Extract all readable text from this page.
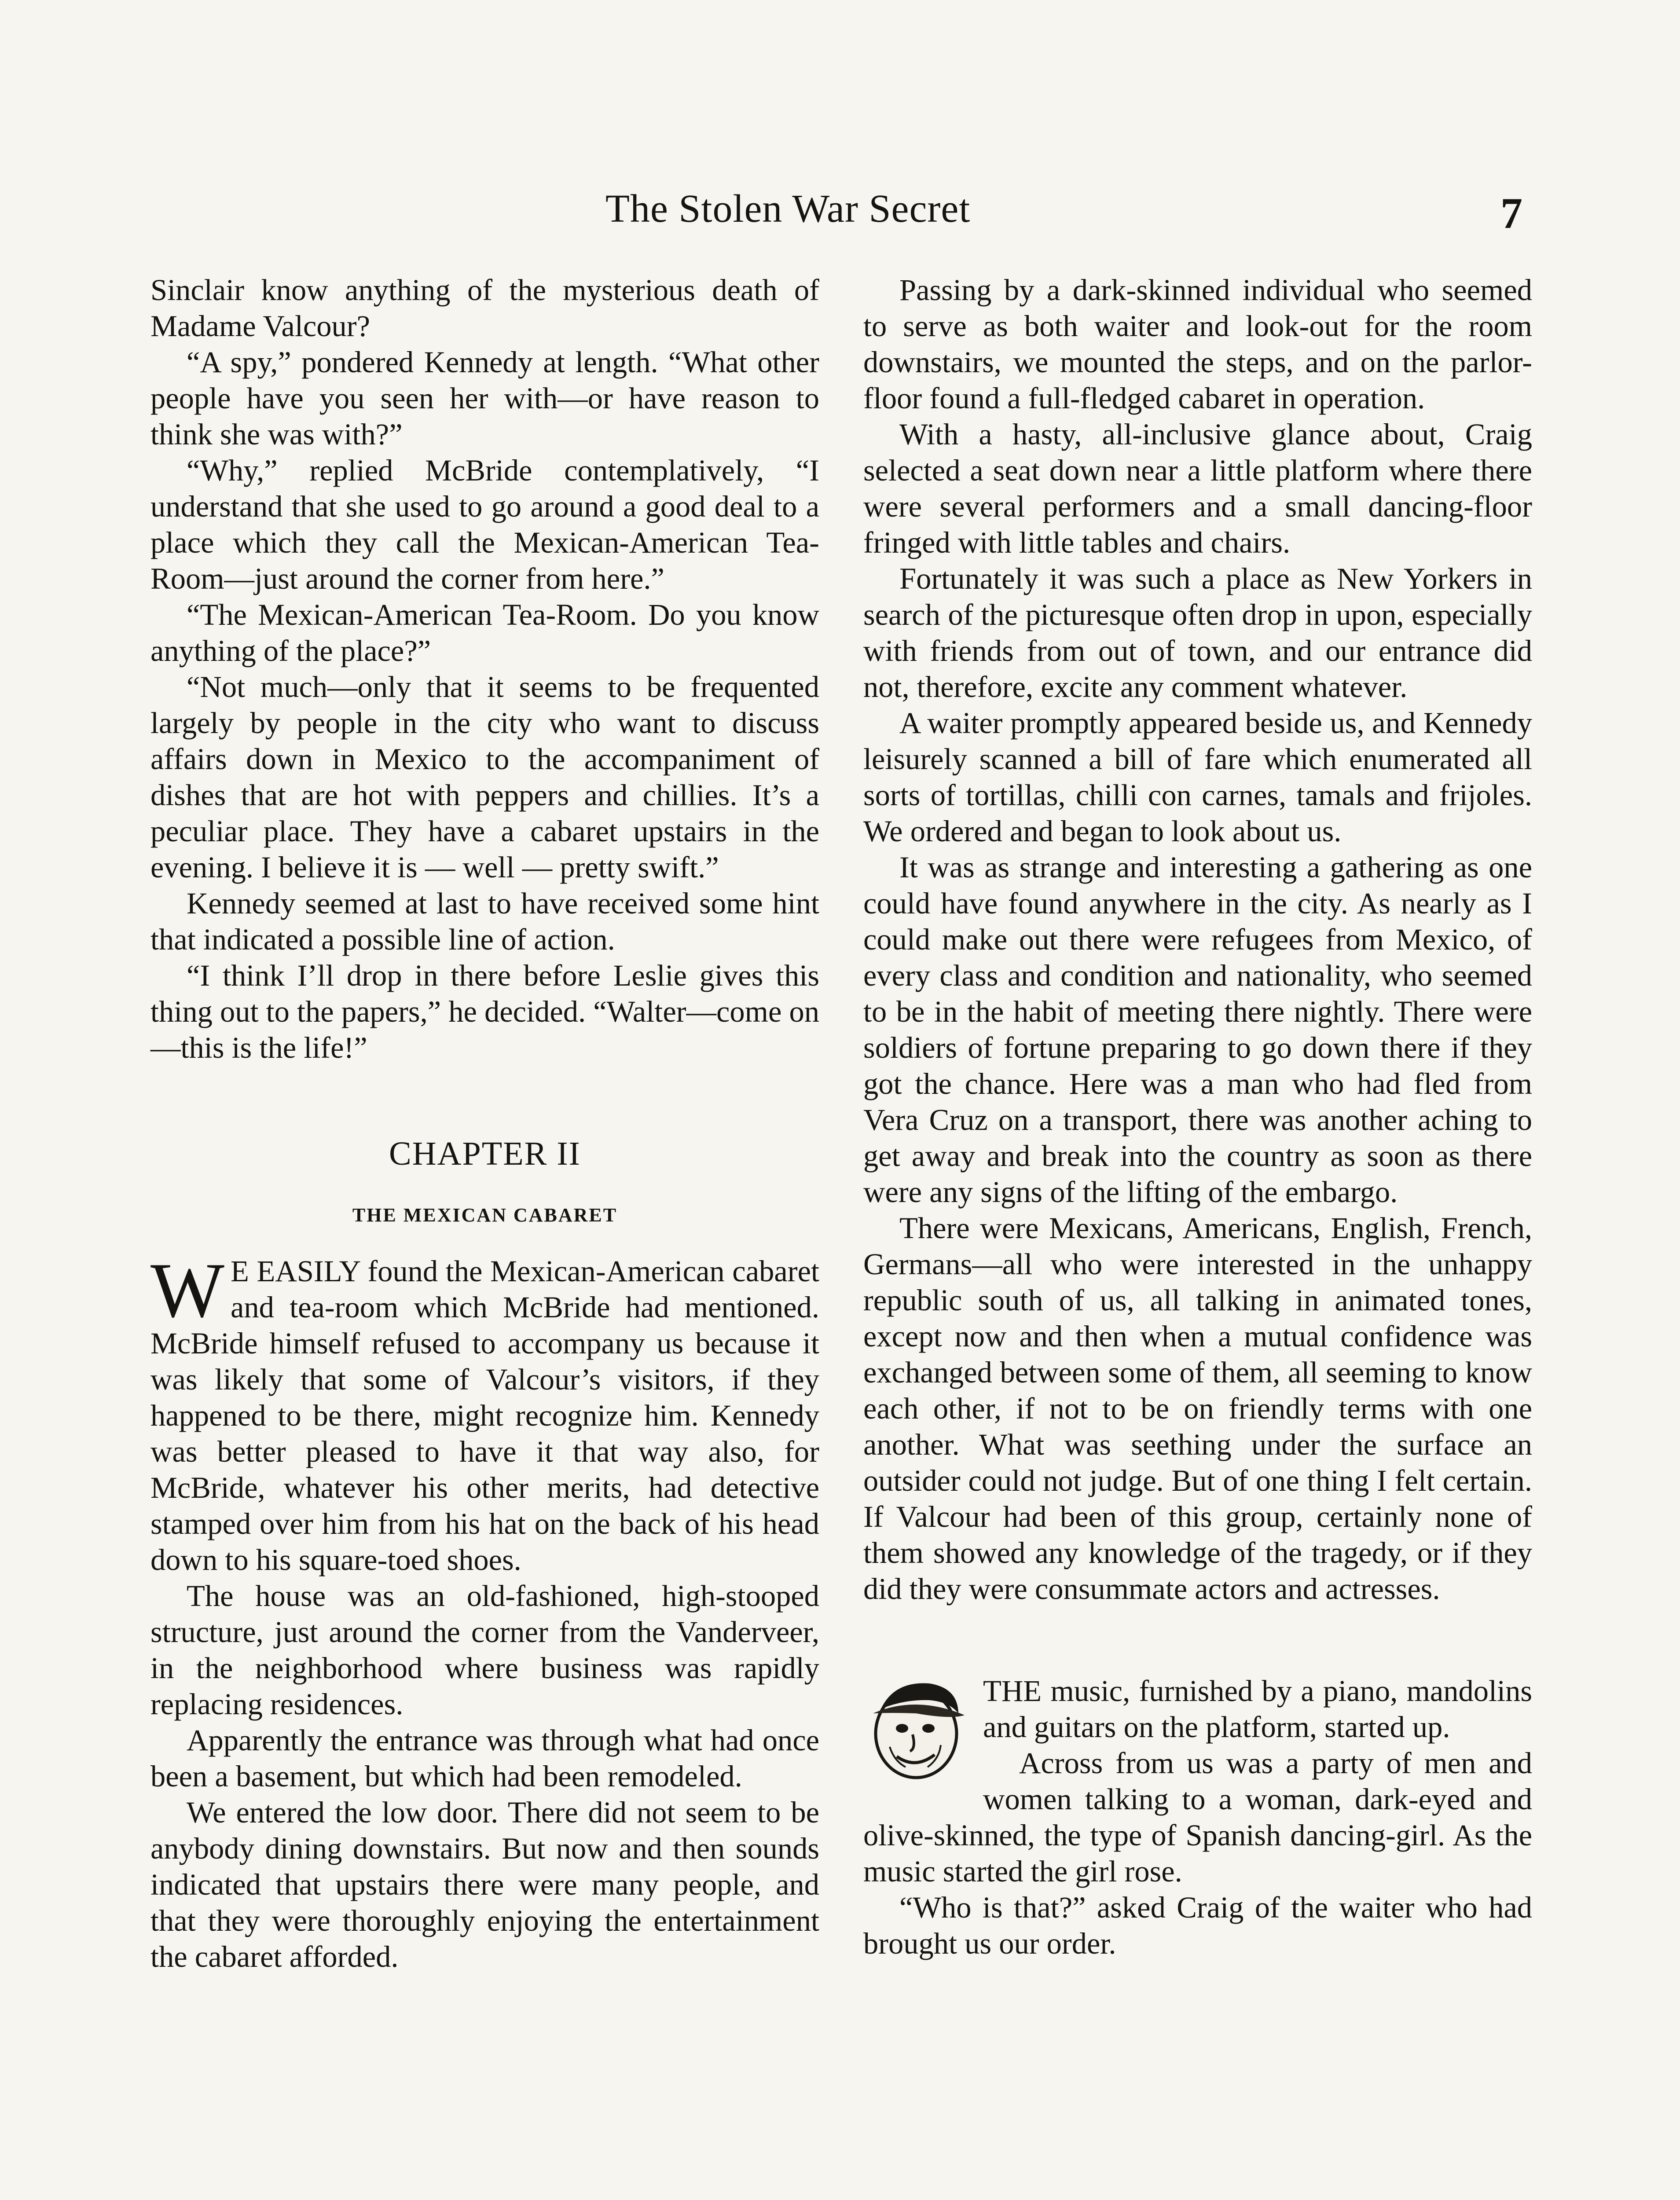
The Stolen War Secret	7

Sinclair know anything of the mysterious death of Madame Valcour?

“A spy,” pondered Kennedy at length. “What other people have you seen her with—or have reason to think she was with?”

“Why,” replied McBride contemplatively, “I understand that she used to go around a good deal to a place which they call the Mexican-American Tea-Room—just around the corner from here.”

“The Mexican-American Tea-Room. Do you know anything of the place?”

“Not much—only that it seems to be frequented largely by people in the city who want to discuss affairs down in Mexico to the accompaniment of dishes that are hot with peppers and chillies. It’s a peculiar place. They have a cabaret upstairs in the evening. I believe it is — well — pretty swift.”

Kennedy seemed at last to have received some hint that indicated a possible line of action.

“I think I’ll drop in there before Leslie gives this thing out to the papers,” he decided. “Walter—come on—this is the life!”

CHAPTER II
THE MEXICAN CABARET

W E EASILY found the Mexican-American cabaret and tea-room which McBride had mentioned. McBride himself refused to accompany us because it was likely that some of Valcour’s visitors, if they happened to be there, might recognize him. Kennedy was better pleased to have it that way also, for McBride, whatever his other merits, had detective stamped over him from his hat on the back of his head down to his square-toed shoes.

The house was an old-fashioned, high-stooped structure, just around the corner from the Vanderveer, in the neighborhood where business was rapidly replacing residences.

Apparently the entrance was through what had once been a basement, but which had been remodeled.

We entered the low door. There did not seem to be anybody dining downstairs. But now and then sounds indicated that upstairs there were many people, and that they were thoroughly enjoying the entertainment the cabaret afforded.

Passing by a dark-skinned individual who seemed to serve as both waiter and look-out for the room downstairs, we mounted the steps, and on the parlor-floor found a full-fledged cabaret in operation.

With a hasty, all-inclusive glance about, Craig selected a seat down near a little platform where there were several performers and a small dancing-floor fringed with little tables and chairs.

Fortunately it was such a place as New Yorkers in search of the picturesque often drop in upon, especially with friends from out of town, and our entrance did not, therefore, excite any comment whatever.

A waiter promptly appeared beside us, and Kennedy leisurely scanned a bill of fare which enumerated all sorts of tortillas, chilli con carnes, tamals and frijoles. We ordered and began to look about us.

It was as strange and interesting a gathering as one could have found anywhere in the city. As nearly as I could make out there were refugees from Mexico, of every class and condition and nationality, who seemed to be in the habit of meeting there nightly. There were soldiers of fortune preparing to go down there if they got the chance. Here was a man who had fled from Vera Cruz on a transport, there was another aching to get away and break into the country as soon as there were any signs of the lifting of the embargo.

There were Mexicans, Americans, English, French, Germans—all who were interested in the unhappy republic south of us, all talking in animated tones, except now and then when a mutual confidence was exchanged between some of them, all seeming to know each other, if not to be on friendly terms with one another. What was seething under the surface an outsider could not judge. But of one thing I felt certain. If Valcour had been of this group, certainly none of them showed any knowledge of the tragedy, or if they did they were consummate actors and actresses.

THE music, furnished by a piano, mandolins and guitars on the platform, started up.

Across from us was a party of men and women talking to a woman, dark-eyed and olive-skinned, the type of Spanish dancing-girl. As the music started the girl rose.

“Who is that?” asked Craig of the waiter who had brought us our order.
